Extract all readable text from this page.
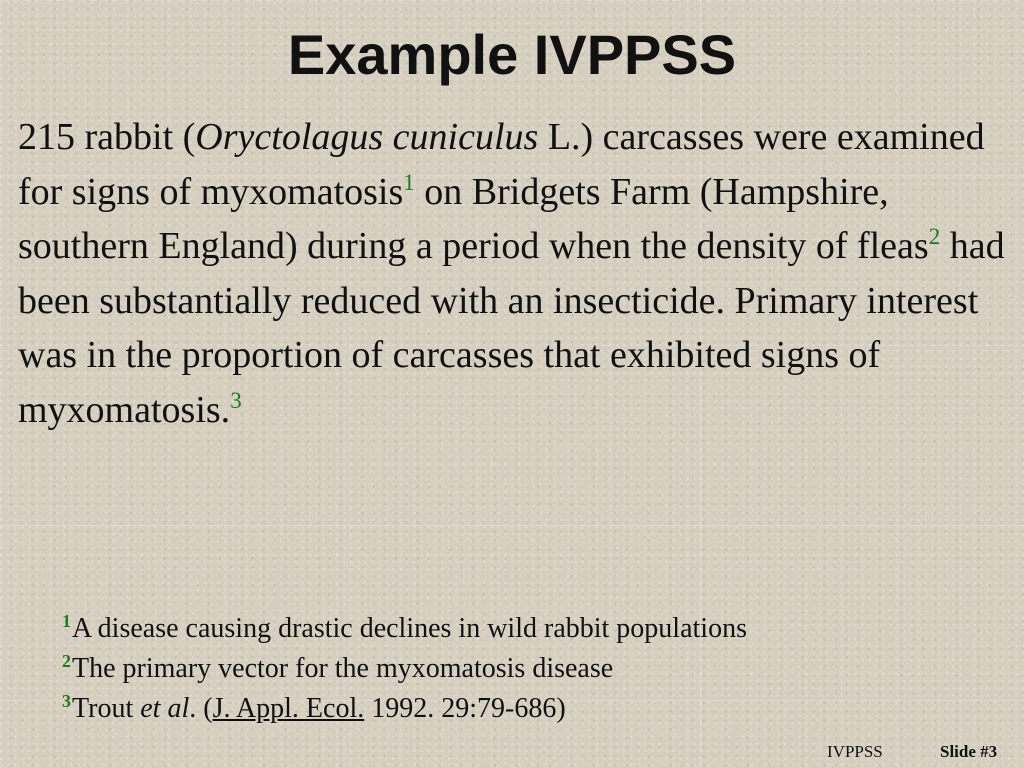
Example IVPPSS

215 rabbit (Oryctolagus cuniculus L.) carcasses were examined for signs of myxomatosis$^1$ on Bridgets Farm (Hampshire, southern England) during a period when the density of fleas$^2$ had been substantially reduced with an insecticide. Primary interest was in the proportion of carcasses that exhibited signs of myxomatosis.$^3$

$^1$A disease causing drastic declines in wild rabbit populations
$^2$The primary vector for the myxomatosis disease
$^3$Trout et al. (J. Appl. Ecol. 1992. 29:79-686)
IVPPSS	Slide #3
